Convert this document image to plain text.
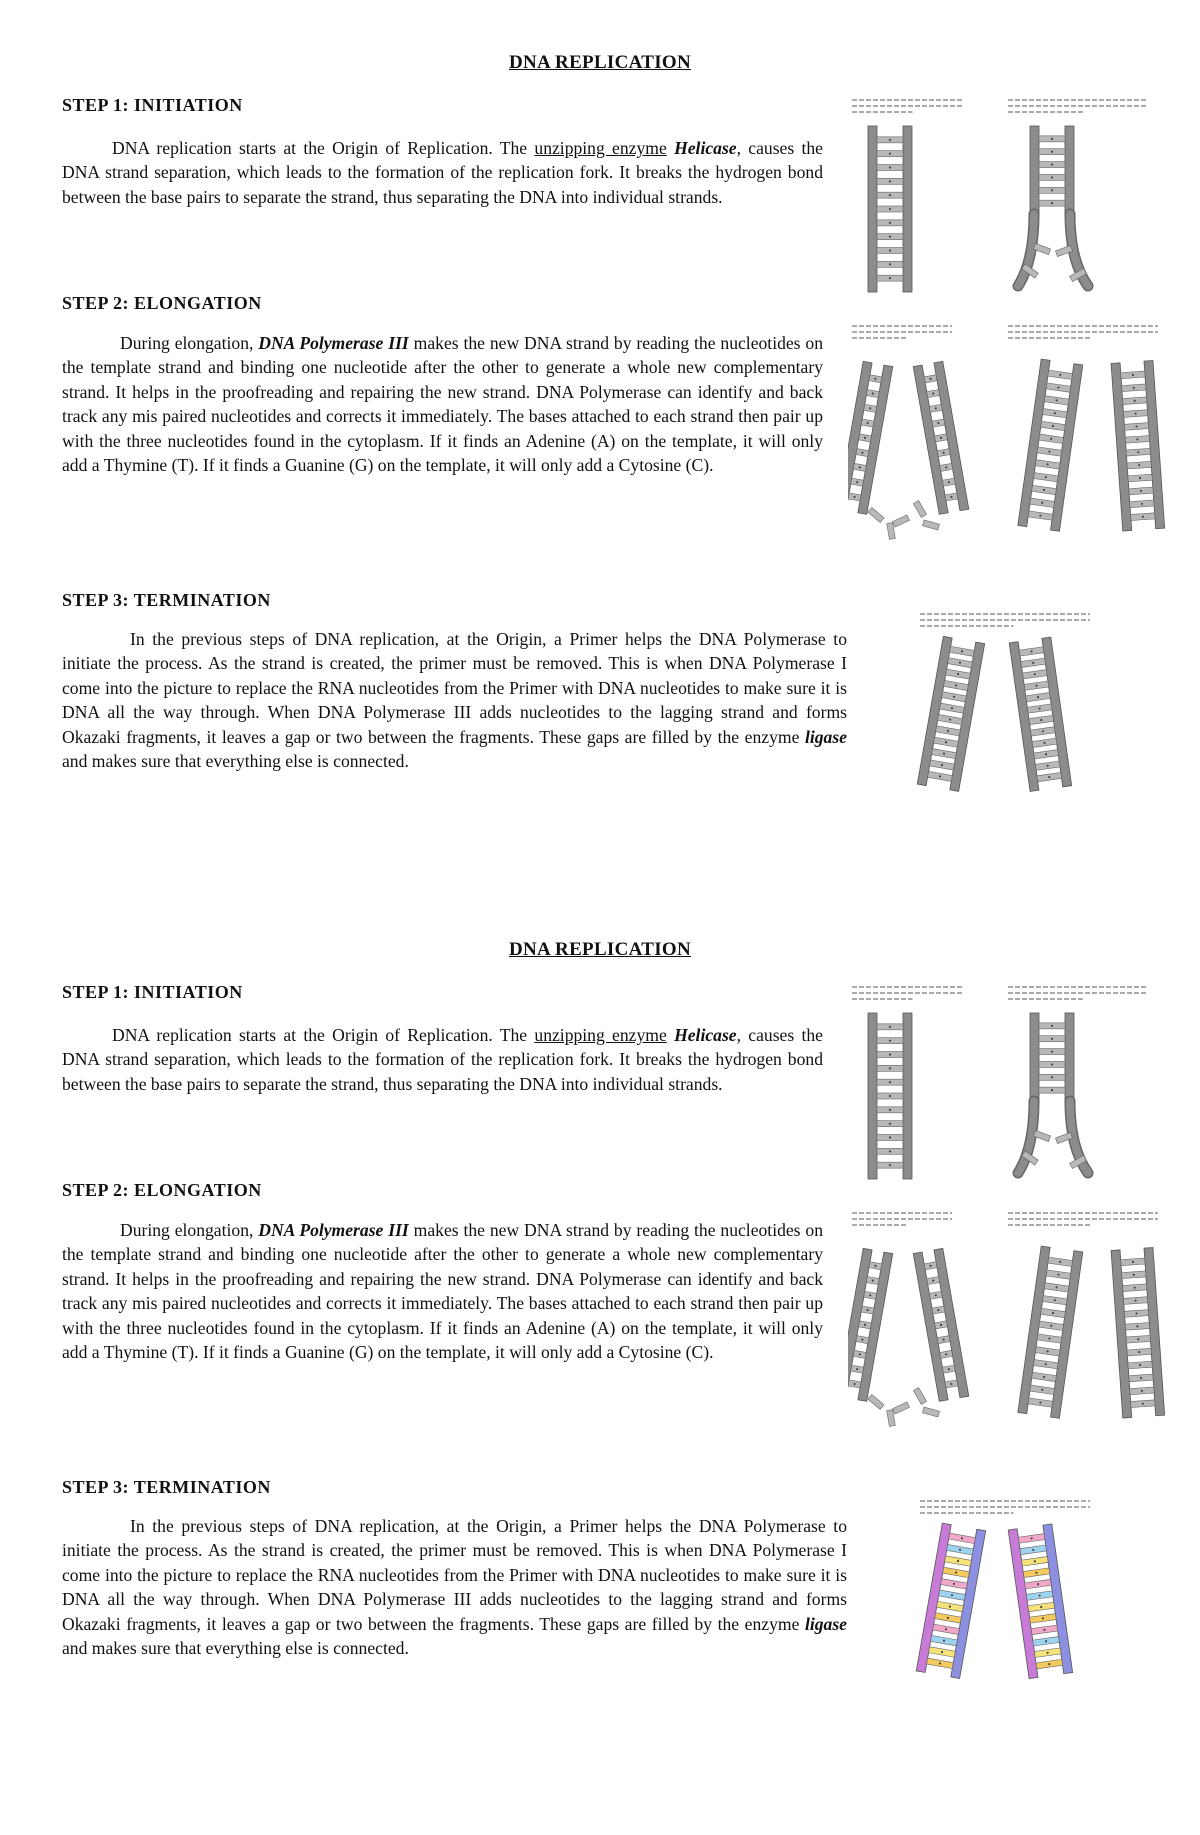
DNA REPLICATION
STEP 1: INITIATION
DNA replication starts at the Origin of Replication. The unzipping enzyme Helicase, causes the DNA strand separation, which leads to the formation of the replication fork. It breaks the hydrogen bond between the base pairs to separate the strand, thus separating the DNA into individual strands.
STEP 2: ELONGATION
During elongation, DNA Polymerase III makes the new DNA strand by reading the nucleotides on the template strand and binding one nucleotide after the other to generate a whole new complementary strand. It helps in the proofreading and repairing the new strand. DNA Polymerase can identify and back track any mis paired nucleotides and corrects it immediately. The bases attached to each strand then pair up with the three nucleotides found in the cytoplasm. If it finds an Adenine (A) on the template, it will only add a Thymine (T). If it finds a Guanine (G) on the template, it will only add a Cytosine (C).
STEP 3: TERMINATION
In the previous steps of DNA replication, at the Origin, a Primer helps the DNA Polymerase to initiate the process. As the strand is created, the primer must be removed. This is when DNA Polymerase I come into the picture to replace the RNA nucleotides from the Primer with DNA nucleotides to make sure it is DNA all the way through. When DNA Polymerase III adds nucleotides to the lagging strand and forms Okazaki fragments, it leaves a gap or two between the fragments. These gaps are filled by the enzyme ligase and makes sure that everything else is connected.
DNA REPLICATION
STEP 1: INITIATION
DNA replication starts at the Origin of Replication. The unzipping enzyme Helicase, causes the DNA strand separation, which leads to the formation of the replication fork. It breaks the hydrogen bond between the base pairs to separate the strand, thus separating the DNA into individual strands.
STEP 2: ELONGATION
During elongation, DNA Polymerase III makes the new DNA strand by reading the nucleotides on the template strand and binding one nucleotide after the other to generate a whole new complementary strand. It helps in the proofreading and repairing the new strand. DNA Polymerase can identify and back track any mis paired nucleotides and corrects it immediately. The bases attached to each strand then pair up with the three nucleotides found in the cytoplasm. If it finds an Adenine (A) on the template, it will only add a Thymine (T). If it finds a Guanine (G) on the template, it will only add a Cytosine (C).
STEP 3: TERMINATION
In the previous steps of DNA replication, at the Origin, a Primer helps the DNA Polymerase to initiate the process. As the strand is created, the primer must be removed. This is when DNA Polymerase I come into the picture to replace the RNA nucleotides from the Primer with DNA nucleotides to make sure it is DNA all the way through. When DNA Polymerase III adds nucleotides to the lagging strand and forms Okazaki fragments, it leaves a gap or two between the fragments. These gaps are filled by the enzyme ligase and makes sure that everything else is connected.
